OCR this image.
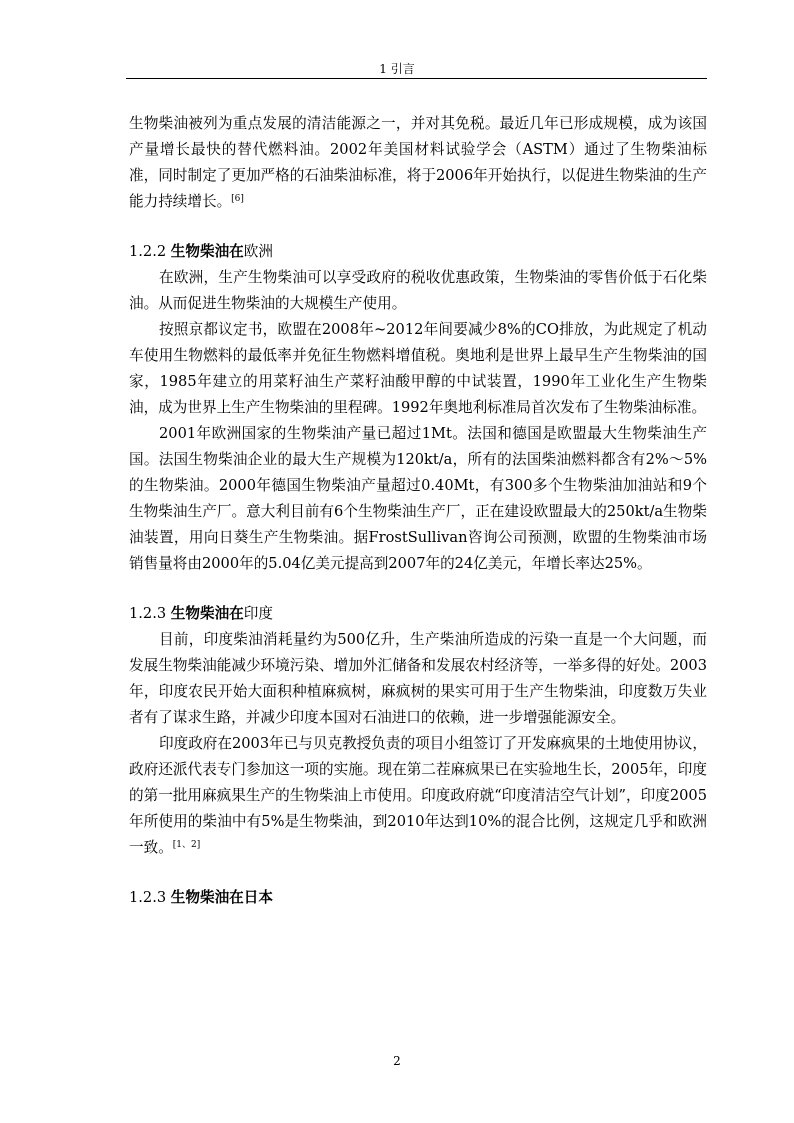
1 引言

生物柴油被列为重点发展的清洁能源之一，并对其免税。最近几年已形成规模，成为该国产量增长最快的替代燃料油。2002年美国材料试验学会（ASTM）通过了生物柴油标准，同时制定了更加严格的石油柴油标准，将于2006年开始执行，以促进生物柴油的生产能力持续增长。[6]

1.2.2 生物柴油在欧洲

在欧洲，生产生物柴油可以享受政府的税收优惠政策，生物柴油的零售价低于石化柴油。从而促进生物柴油的大规模生产使用。

按照京都议定书，欧盟在2008年~2012年间要减少8%的CO排放，为此规定了机动车使用生物燃料的最低率并免征生物燃料增值税。奥地利是世界上最早生产生物柴油的国家，1985年建立的用菜籽油生产菜籽油酸甲醇的中试装置，1990年工业化生产生物柴油，成为世界上生产生物柴油的里程碑。1992年奥地利标准局首次发布了生物柴油标准。

2001年欧洲国家的生物柴油产量已超过1Mt。法国和德国是欧盟最大生物柴油生产国。法国生物柴油企业的最大生产规模为120kt/a，所有的法国柴油燃料都含有2%～5%的生物柴油。2000年德国生物柴油产量超过0.40Mt，有300多个生物柴油加油站和9个生物柴油生产厂。意大利目前有6个生物柴油生产厂，正在建设欧盟最大的250kt/a生物柴油装置，用向日葵生产生物柴油。据FrostSullivan咨询公司预测，欧盟的生物柴油市场销售量将由2000年的5.04亿美元提高到2007年的24亿美元，年增长率达25%。

1.2.3 生物柴油在印度

目前，印度柴油消耗量约为500亿升，生产柴油所造成的污染一直是一个大问题，而发展生物柴油能减少环境污染、增加外汇储备和发展农村经济等，一举多得的好处。2003年，印度农民开始大面积种植麻疯树，麻疯树的果实可用于生产生物柴油，印度数万失业者有了谋求生路，并减少印度本国对石油进口的依赖，进一步增强能源安全。

印度政府在2003年已与贝克教授负责的项目小组签订了开发麻疯果的土地使用协议，政府还派代表专门参加这一项的实施。现在第二茬麻疯果已在实验地生长，2005年，印度的第一批用麻疯果生产的生物柴油上市使用。印度政府就“印度清洁空气计划”，印度2005年所使用的柴油中有5%是生物柴油，到2010年达到10%的混合比例，这规定几乎和欧洲一致。[1、2]

1.2.3 生物柴油在日本
2
